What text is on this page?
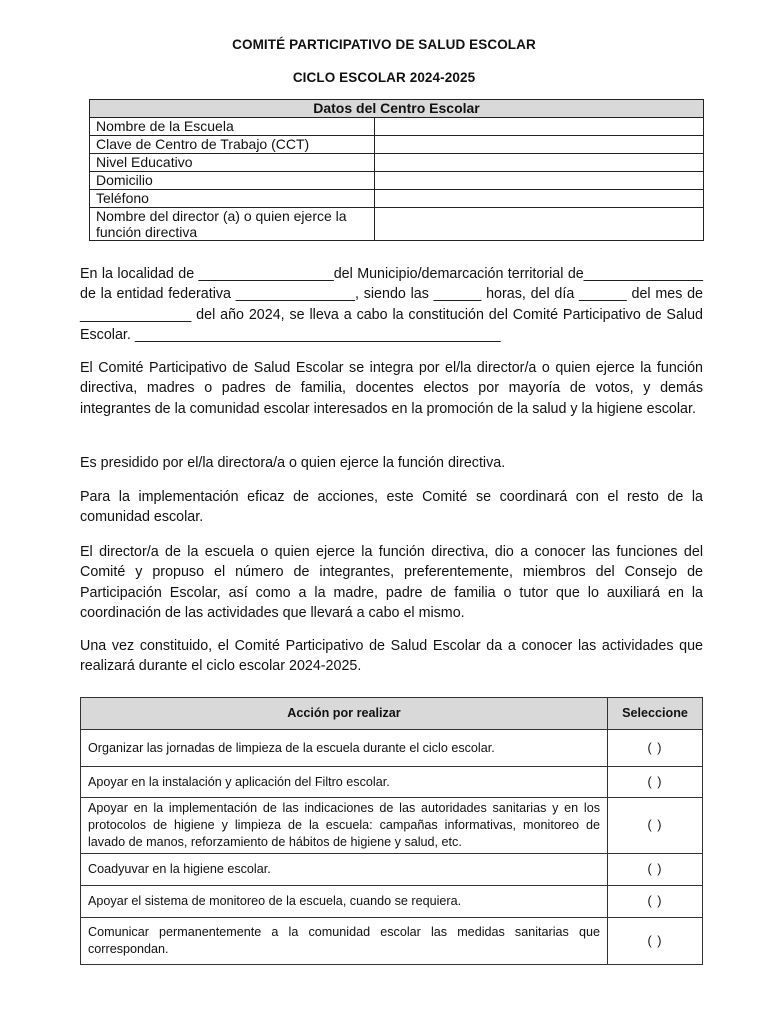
COMITÉ PARTICIPATIVO DE SALUD ESCOLAR
CICLO ESCOLAR 2024-2025
Datos del Centro Escolar	
Nombre de la Escuela	
Clave de Centro de Trabajo (CCT)	
Nivel Educativo	
Domicilio	
Teléfono	
Nombre del director (a) o quien ejerce la función directiva	

En la localidad de _________________del Municipio/demarcación territorial de_______________ de la entidad federativa _______________, siendo las ______ horas, del día ______ del mes de ______________ del año 2024, se lleva a cabo la constitución del Comité Participativo de Salud Escolar. ______________________________________________

El Comité Participativo de Salud Escolar se integra por el/la director/a o quien ejerce la función directiva, madres o padres de familia, docentes electos por mayoría de votos, y demás integrantes de la comunidad escolar interesados en la promoción de la salud y la higiene escolar.

Es presidido por el/la directora/a o quien ejerce la función directiva.

Para la implementación eficaz de acciones, este Comité se coordinará con el resto de la comunidad escolar.

El director/a de la escuela o quien ejerce la función directiva, dio a conocer las funciones del Comité y propuso el número de integrantes, preferentemente, miembros del Consejo de Participación Escolar, así como a la madre, padre de familia o tutor que lo auxiliará en la coordinación de las actividades que llevará a cabo el mismo.

Una vez constituido, el Comité Participativo de Salud Escolar da a conocer las actividades que realizará durante el ciclo escolar 2024-2025.

Acción por realizar	Seleccione
Organizar las jornadas de limpieza de la escuela durante el ciclo escolar.	( )
Apoyar en la instalación y aplicación del Filtro escolar.	( )
Apoyar en la implementación de las indicaciones de las autoridades sanitarias y en los protocolos de higiene y limpieza de la escuela: campañas informativas, monitoreo de lavado de manos, reforzamiento de hábitos de higiene y salud, etc.	( )
Coadyuvar en la higiene escolar.	( )
Apoyar el sistema de monitoreo de la escuela, cuando se requiera.	( )
Comunicar permanentemente a la comunidad escolar las medidas sanitarias que correspondan.	( )
